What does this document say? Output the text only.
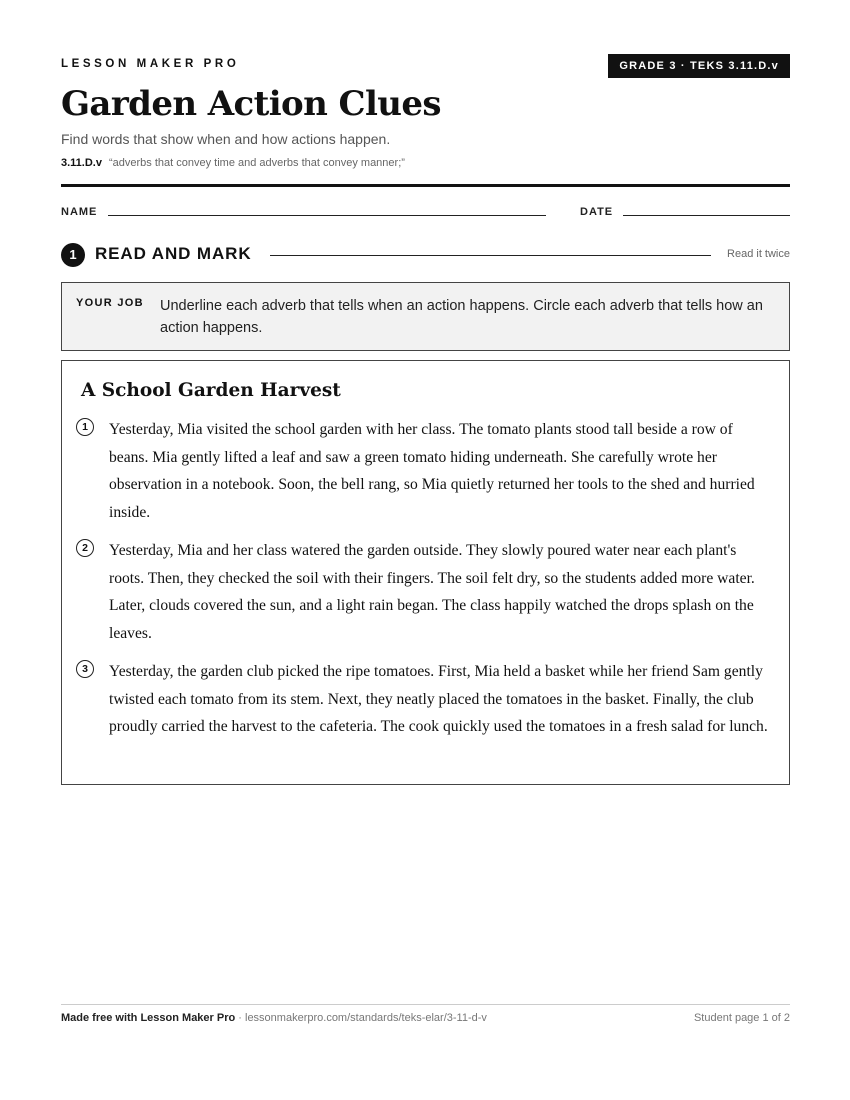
LESSON MAKER PRO	GRADE 3 · TEKS 3.11.D.v
Garden Action Clues
Find words that show when and how actions happen.
3.11.D.v “adverbs that convey time and adverbs that convey manner;”
NAME	DATE
1	READ AND MARK	Read it twice
YOUR JOB Underline each adverb that tells when an action happens. Circle each adverb that tells how an action happens.
A School Garden Harvest
1	Yesterday, Mia visited the school garden with her class. The tomato plants stood tall beside a row of beans. Mia gently lifted a leaf and saw a green tomato hiding underneath. She carefully wrote her observation in a notebook. Soon, the bell rang, so Mia quietly returned her tools to the shed and hurried inside.

2	Yesterday, Mia and her class watered the garden outside. They slowly poured water near each plant's roots. Then, they checked the soil with their fingers. The soil felt dry, so the students added more water. Later, clouds covered the sun, and a light rain began. The class happily watched the drops splash on the leaves.

3	Yesterday, the garden club picked the ripe tomatoes. First, Mia held a basket while her friend Sam gently twisted each tomato from its stem. Next, they neatly placed the tomatoes in the basket. Finally, the club proudly carried the harvest to the cafeteria. The cook quickly used the tomatoes in a fresh salad for lunch.

Made free with Lesson Maker Pro · lessonmakerpro.com/standards/teks-elar/3-11-d-v	Student page 1 of 2
